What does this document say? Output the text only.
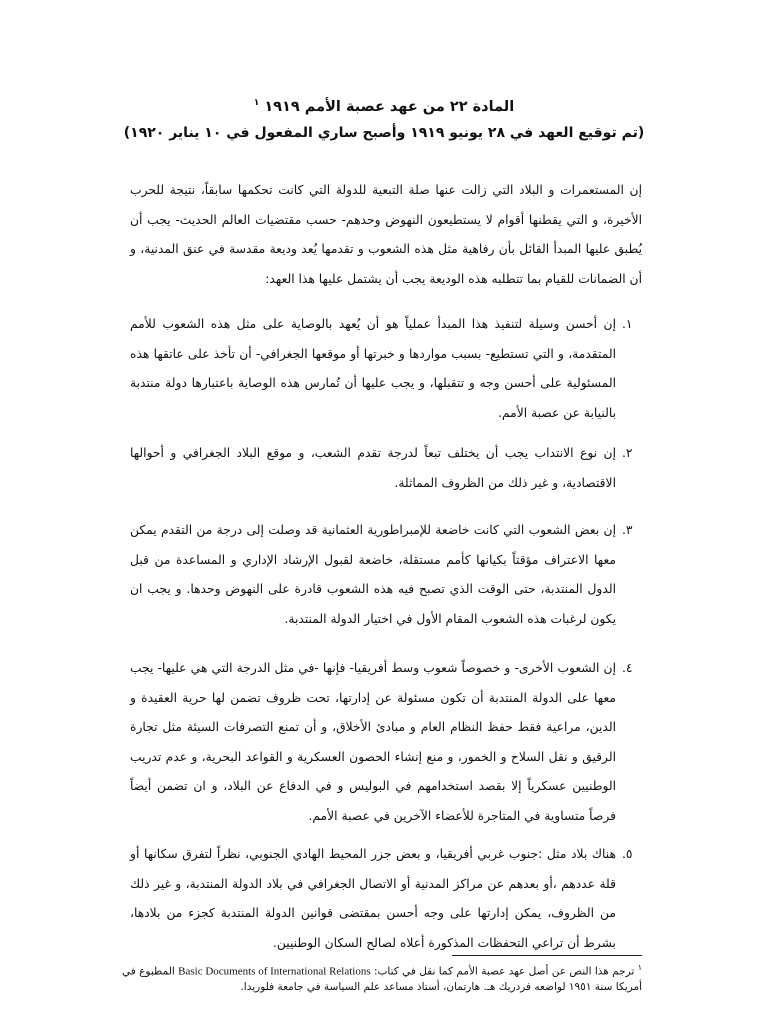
المادة ٢٢ من عهد عصبة الأمم ١٩١٩ $^١$
(تم توقيع العهد في ٢٨ يونيو ١٩١٩ وأصبح ساري المفعول في ١٠ يناير ١٩٢٠)
إن المستعمرات و البلاد التي زالت عنها صلة التبعية للدولة التي كانت تحكمها سابقاً، نتيجة للحرب الأخيرة، و التي يقطنها أقوام لا يستطيعون النهوض وحدهم- حسب مقتضيات العالم الحديث- يجب أن يُطبق عليها المبدأ القائل بأن رفاهية مثل هذه الشعوب و تقدمها يُعد وديعة مقدسة في عنق المدنية، و أن الضمانات للقيام بما تتطلبه هذه الوديعة يجب أن يشتمل عليها هذا العهد:
١.
إن أحسن وسيلة لتنفيذ هذا المبدأ عملياً هو أن يُعهد بالوصاية على مثل هذه الشعوب للأمم المتقدمة، و التي تستطيع- بسبب مواردها و خبرتها أو موقعها الجغرافي- أن تأخذ على عاتقها هذه المسئولية على أحسن وجه و تتقبلها، و يجب عليها أن تُمارس هذه الوصاية باعتبارها دولة منتدبة بالنيابة عن عصبة الأمم.
٢.
إن نوع الانتداب يجب أن يختلف تبعاً لدرجة تقدم الشعب، و موقع البلاد الجغرافي و أحوالها الاقتصادية، و غير ذلك من الظروف المماثلة.
٣.
إن بعض الشعوب التي كانت خاضعة للإمبراطورية العثمانية قد وصلت إلى درجة من التقدم يمكن معها الاعتراف مؤقتاً بكيانها كأمم مستقلة، خاضعة لقبول الإرشاد الإداري و المساعدة من قبل الدول المنتدبة، حتى الوقت الذي تصبح فيه هذه الشعوب قادرة على النهوض وحدها. و يجب ان يكون لرغبات هذه الشعوب المقام الأول في اختيار الدولة المنتدبة.
٤.
إن الشعوب الأخرى- و خصوصاً شعوب وسط أفريقيا- فإنها -في مثل الدرجة التي هي عليها- يجب معها على الدولة المنتدبة أن تكون مسئولة عن إدارتها، تحت ظروف تضمن لها حرية العقيدة و الدين، مراعية فقط حفظ النظام العام و مبادئ الأخلاق، و أن تمنع التصرفات السيئة مثل تجارة الرقيق و نقل السلاح و الخمور، و منع إنشاء الحصون العسكرية و القواعد البحرية، و عدم تدريب الوطنيين عسكرياً إلا بقصد استخدامهم في البوليس و في الدفاع عن البلاد، و ان تضمن أيضاً فرصاً متساوية في المتاجرة للأعضاء الآخرين في عصبة الأمم.
٥.
هناك بلاد مثل :جنوب غربي أفريقيا، و بعض جزر المحيط الهادي الجنوبي، نظراً لتفرق سكانها أو قلة عددهم ،أو بعدهم عن مراكز المدنية أو الاتصال الجغرافي في بلاد الدولة المنتدبة، و غير ذلك من الظروف، يمكن إدارتها على وجه أحسن بمقتضى قوانين الدولة المنتدبة كجزء من بلادها، بشرط أن تراعي التحفظات المذكورة أعلاه لصالح السكان الوطنيين.
$^١$ ترجم هذا النص عن أصل عهد عصبة الأمم كما نقل في كتاب: Basic Documents of International Relations المطبوع في أمريكا سنة ١٩٥١ لواضعه فردريك هـ. هارتمان، أستاذ مساعد علم السياسة في جامعة فلوريدا.
